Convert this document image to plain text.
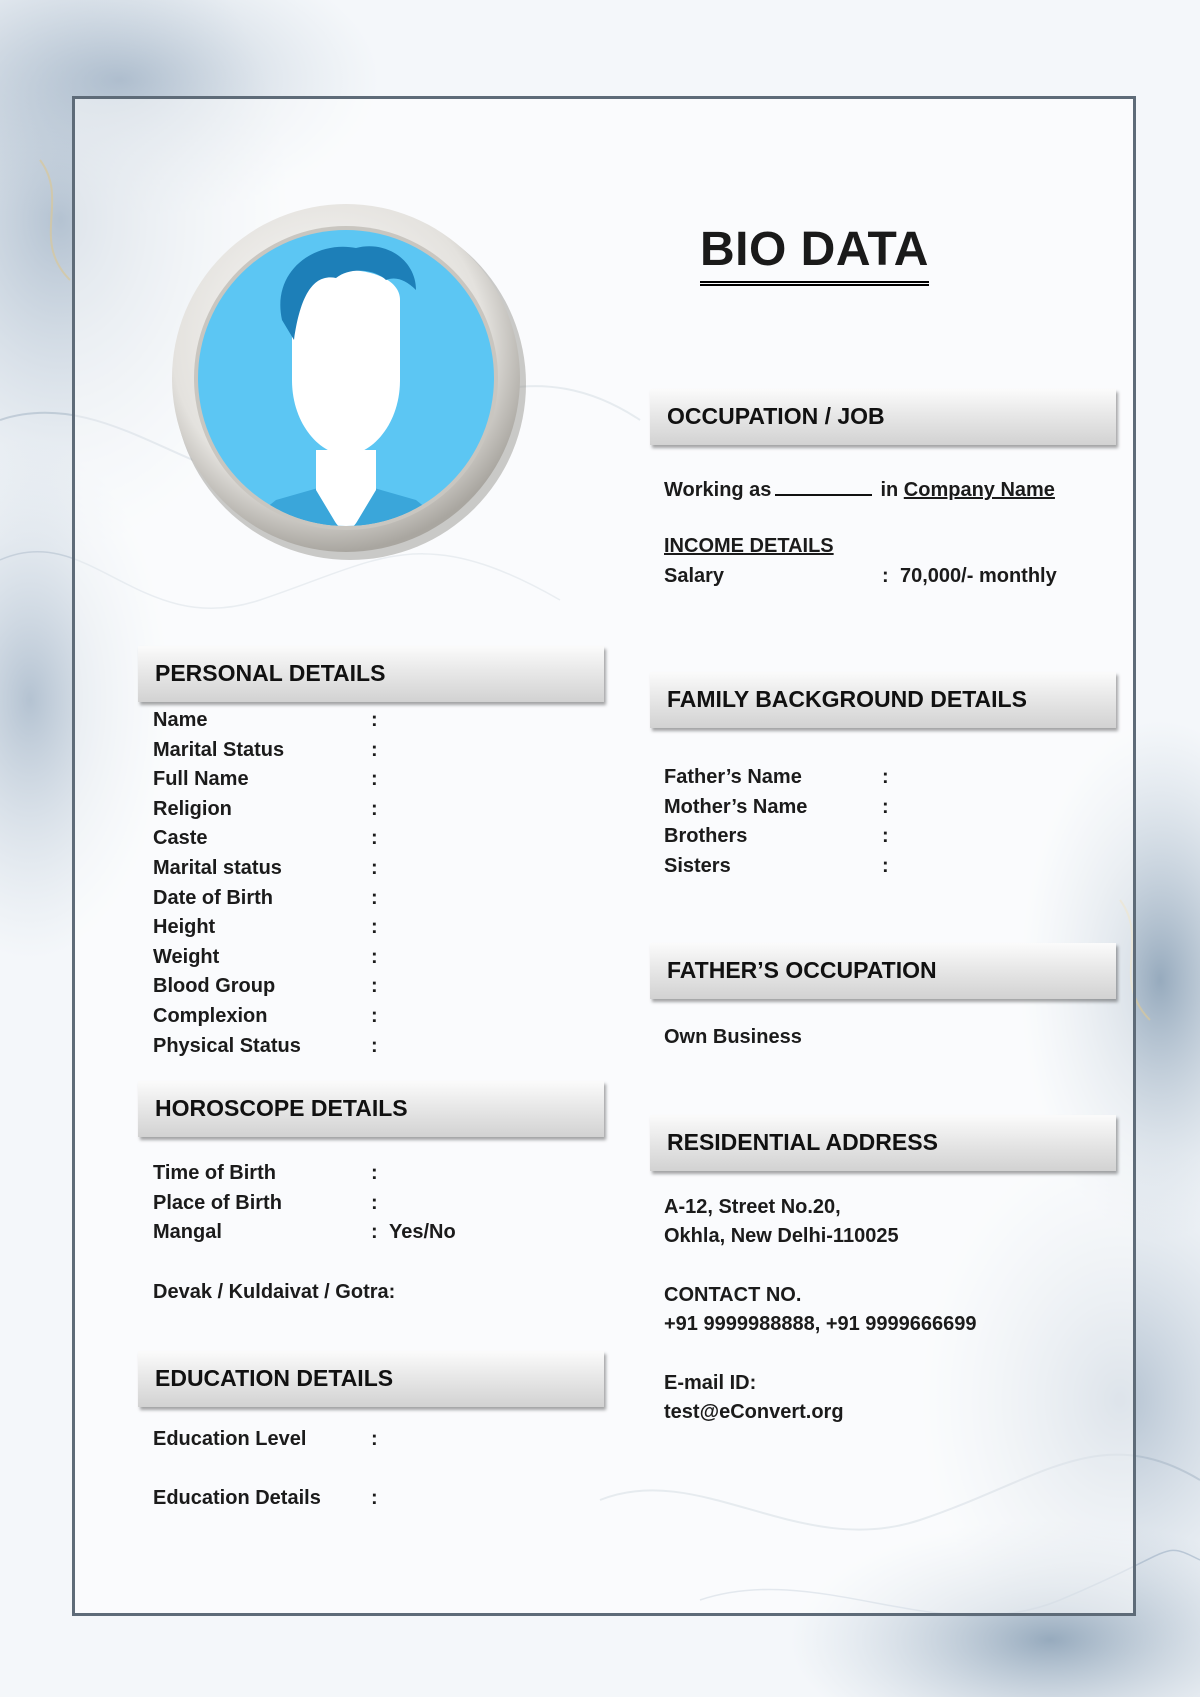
BIO DATA
OCCUPATION / JOB
Working as	in Company Name
INCOME DETAILS
Salary	: 70,000/- monthly
PERSONAL DETAILS
Name	:
Marital Status	:
Full Name	:
Religion	:
Caste	:
Marital status	:
Date of Birth	:
Height	:
Weight	:
Blood Group	:
Complexion	:
Physical Status	:
HOROSCOPE DETAILS
Time of Birth	:
Place of Birth	:
Mangal	: Yes/No
Devak / Kuldaivat / Gotra:
EDUCATION DETAILS
Education Level	:
Education Details	:
FAMILY BACKGROUND DETAILS
Father’s Name	:
Mother’s Name	:
Brothers	:
Sisters	:
FATHER’S OCCUPATION
Own Business
RESIDENTIAL ADDRESS
A-12, Street No.20,
Okhla, New Delhi-110025
CONTACT NO.
+91 9999988888, +91 9999666699
E-mail ID:
test@eConvert.org
